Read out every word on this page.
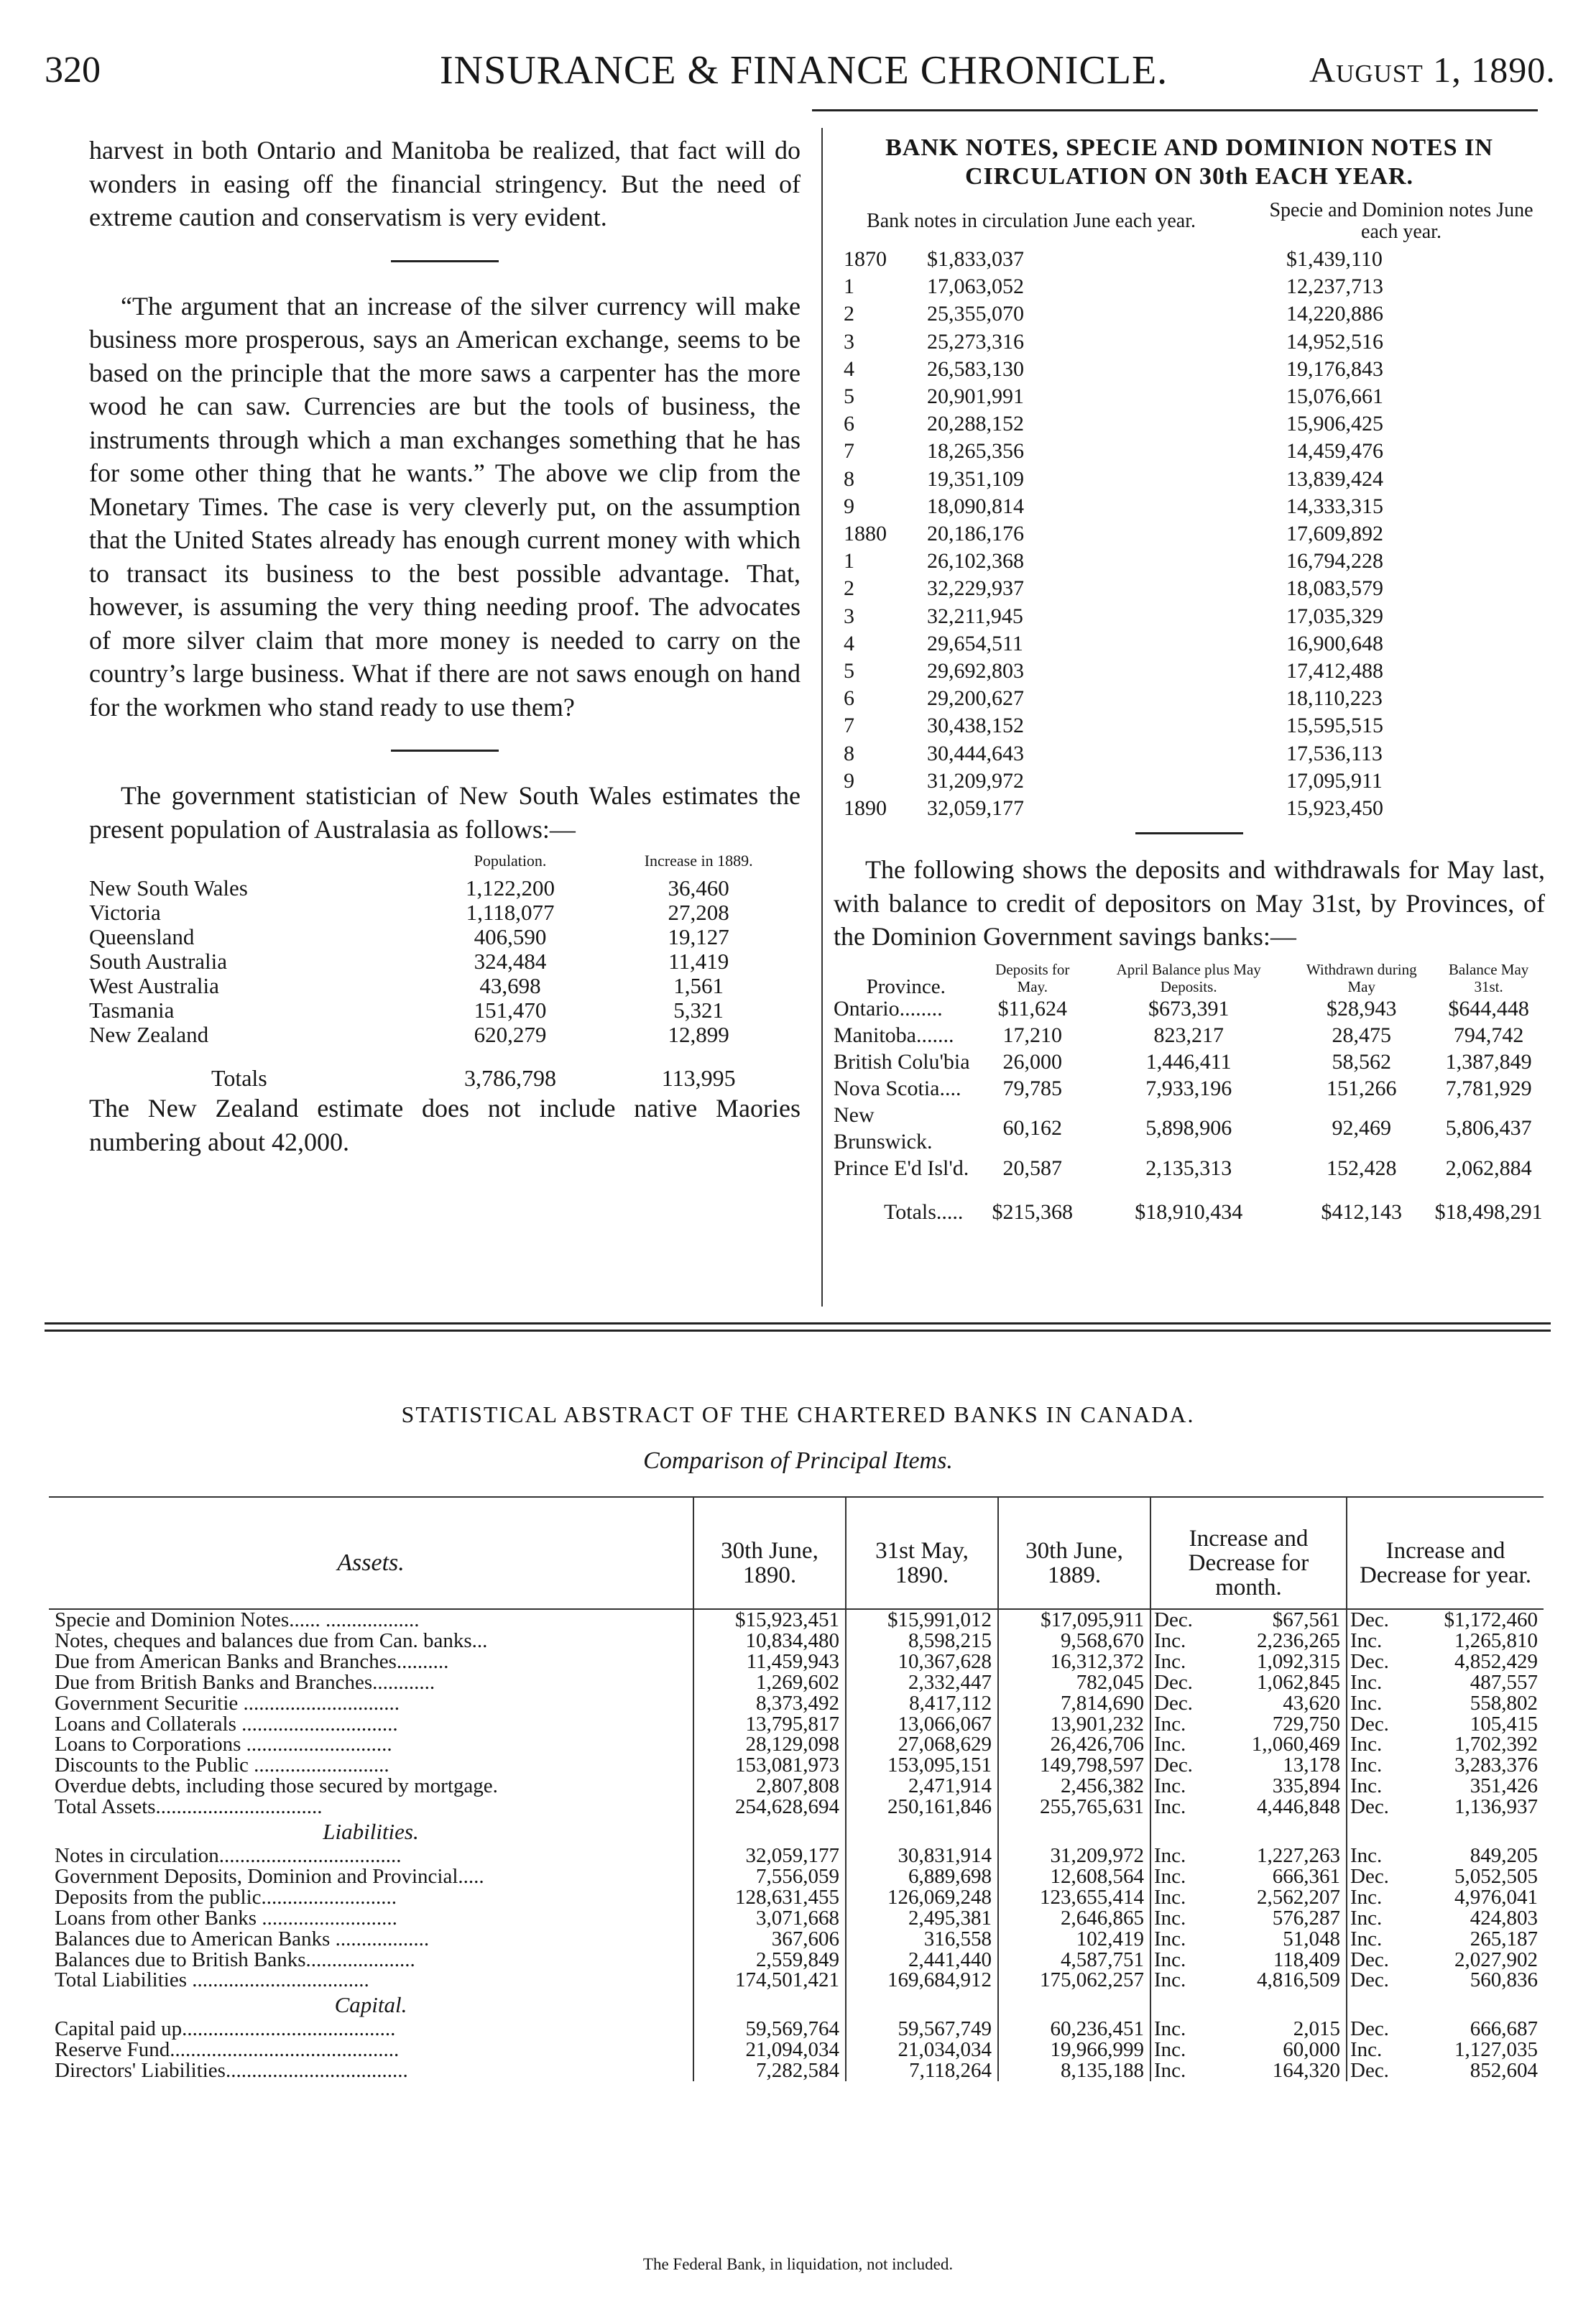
320	INSURANCE & FINANCE CHRONICLE.	August 1, 1890.

harvest in both Ontario and Manitoba be realized, that fact will do wonders in easing off the financial stringency. But the need of extreme caution and conservatism is very evident.

“The argument that an increase of the silver currency will make business more prosperous, says an American exchange, seems to be based on the principle that the more saws a carpenter has the more wood he can saw. Currencies are but the tools of business, the instruments through which a man exchanges something that he has for some other thing that he wants.” The above we clip from the Monetary Times. The case is very cleverly put, on the assumption that the United States already has enough current money with which to transact its business to the best possible advantage. That, however, is assuming the very thing needing proof. The advocates of more silver claim that more money is needed to carry on the country’s large business. What if there are not saws enough on hand for the workmen who stand ready to use them?

The government statistician of New South Wales estimates the present population of Australasia as follows:—

	Population.	Increase in 1889.
New South Wales	1,122,200	36,460
Victoria	1,118,077	27,208
Queensland	406,590	19,127
South Australia	324,484	11,419
West Australia	43,698	1,561
Tasmania	151,470	5,321
New Zealand	620,279	12,899
Totals	3,786,798	113,995

The New Zealand estimate does not include native Maories numbering about 42,000.

BANK NOTES, SPECIE AND DOMINION NOTES IN CIRCULATION ON 30th EACH YEAR.
Bank notes in circulation June each year.		Specie and Dominion notes June each year.
1870	$1,833,037	$1,439,110
1	17,063,052	12,237,713
2	25,355,070	14,220,886
3	25,273,316	14,952,516
4	26,583,130	19,176,843
5	20,901,991	15,076,661
6	20,288,152	15,906,425
7	18,265,356	14,459,476
8	19,351,109	13,839,424
9	18,090,814	14,333,315
1880	20,186,176	17,609,892
1	26,102,368	16,794,228
2	32,229,937	18,083,579
3	32,211,945	17,035,329
4	29,654,511	16,900,648
5	29,692,803	17,412,488
6	29,200,627	18,110,223
7	30,438,152	15,595,515
8	30,444,643	17,536,113
9	31,209,972	17,095,911
1890	32,059,177	15,923,450

The following shows the deposits and withdrawals for May last, with balance to credit of depositors on May 31st, by Provinces, of the Dominion Government savings banks:—

Province.	Deposits for May.	April Balance plus May Deposits.	Withdrawn during May	Balance May 31st.
Ontario........	$11,624	$673,391	$28,943	$644,448
Manitoba.......	17,210	823,217	28,475	794,742
British Colu'bia	26,000	1,446,411	58,562	1,387,849
Nova Scotia....	79,785	7,933,196	151,266	7,781,929
New Brunswick.	60,162	5,898,906	92,469	5,806,437
Prince E'd Isl'd.	20,587	2,135,313	152,428	2,062,884
Totals.....	$215,368	$18,910,434	$412,143	$18,498,291
STATISTICAL ABSTRACT OF THE CHARTERED BANKS IN CANADA.
Comparison of Principal Items.
Assets.	30th June, 1890.	31st May, 1890.	30th June, 1889.	Increase and Decrease for month.		Increase and Decrease for year.	
Specie and Dominion Notes...... ..................	$15,923,451	$15,991,012	$17,095,911	Dec.	$67,561	Dec.	$1,172,460
Notes, cheques and balances due from Can. banks...	10,834,480	8,598,215	9,568,670	Inc.	2,236,265	Inc.	1,265,810
Due from American Banks and Branches..........	11,459,943	10,367,628	16,312,372	Inc.	1,092,315	Dec.	4,852,429
Due from British Banks and Branches............	1,269,602	2,332,447	782,045	Dec.	1,062,845	Inc.	487,557
Government Securitie ..............................	8,373,492	8,417,112	7,814,690	Dec.	43,620	Inc.	558,802
Loans and Collaterals ..............................	13,795,817	13,066,067	13,901,232	Inc.	729,750	Dec.	105,415
Loans to Corporations ............................	28,129,098	27,068,629	26,426,706	Inc.	1,,060,469	Inc.	1,702,392
Discounts to the Public ..........................	153,081,973	153,095,151	149,798,597	Dec.	13,178	Inc.	3,283,376
Overdue debts, including those secured by mortgage.	2,807,808	2,471,914	2,456,382	Inc.	335,894	Inc.	351,426
Total Assets................................	254,628,694	250,161,846	255,765,631	Inc.	4,446,848	Dec.	1,136,937
Liabilities.							
Notes in circulation...................................	32,059,177	30,831,914	31,209,972	Inc.	1,227,263	Inc.	849,205
Government Deposits, Dominion and Provincial.....	7,556,059	6,889,698	12,608,564	Inc.	666,361	Dec.	5,052,505
Deposits from the public..........................	128,631,455	126,069,248	123,655,414	Inc.	2,562,207	Inc.	4,976,041
Loans from other Banks ..........................	3,071,668	2,495,381	2,646,865	Inc.	576,287	Inc.	424,803
Balances due to American Banks ..................	367,606	316,558	102,419	Inc.	51,048	Inc.	265,187
Balances due to British Banks.....................	2,559,849	2,441,440	4,587,751	Inc.	118,409	Dec.	2,027,902
Total Liabilities ..................................	174,501,421	169,684,912	175,062,257	Inc.	4,816,509	Dec.	560,836
Capital.							
Capital paid up.........................................	59,569,764	59,567,749	60,236,451	Inc.	2,015	Dec.	666,687
Reserve Fund............................................	21,094,034	21,034,034	19,966,999	Inc.	60,000	Inc.	1,127,035
Directors' Liabilities...................................	7,282,584	7,118,264	8,135,188	Inc.	164,320	Dec.	852,604
The Federal Bank, in liquidation, not included.
